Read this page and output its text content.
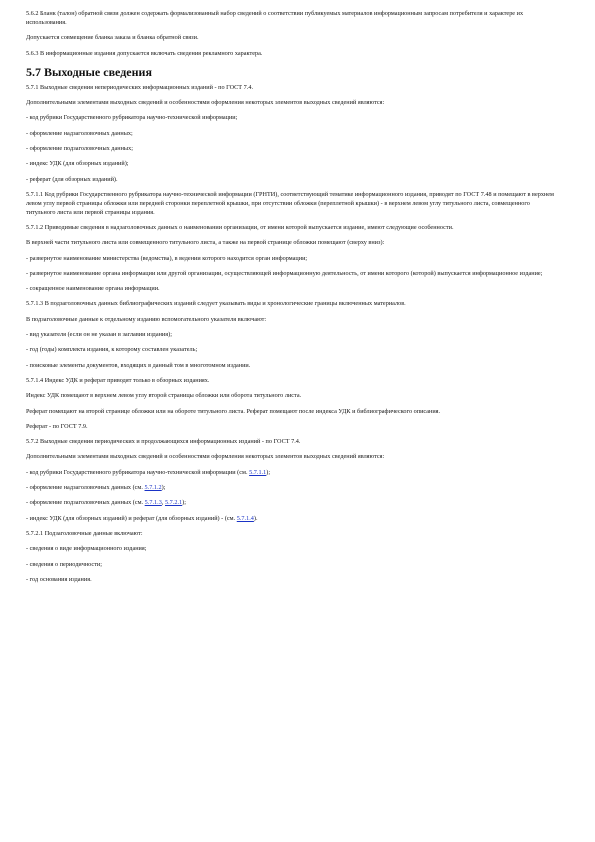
5.6.2 Бланк (талон) обратной связи должен содержать формализованный набор сведений о соответствии публикуемых материалов информационным запросам потребителя и характере их использования.

Допускается совмещение бланка заказа и бланка обратной связи.

5.6.3 В информационные издания допускается включать сведения рекламного характера.

5.7 Выходные сведения

5.7.1 Выходные сведения непериодических информационных изданий - по ГОСТ 7.4.

Дополнительными элементами выходных сведений и особенностями оформления некоторых элементов выходных сведений являются:

- код рубрики Государственного рубрикатора научно-технической информации;

- оформление надзаголовочных данных;

- оформление подзаголовочных данных;

- индекс УДК (для обзорных изданий);

- реферат (для обзорных изданий).

5.7.1.1 Код рубрики Государственного рубрикатора научно-технической информации (ГРНТИ), соответствующий тематике информационного издания, приводят по ГОСТ 7.48 и помещают в верхнем левом углу первой страницы обложки или передней сторонки переплетной крышки, при отсутствии обложки (переплетной крышки) - в верхнем левом углу титульного листа, совмещенного титульного листа или первой страницы издания.

5.7.1.2 Приводимые сведения в надзаголовочных данных о наименовании организации, от имени которой выпускается издание, имеют следующие особенности.

В верхней части титульного листа или совмещенного титульного листа, а также на первой странице обложки помещают (сверху вниз):

- развернутое наименование министерства (ведомства), в ведении которого находится орган информации;

- развернутое наименование органа информации или другой организации, осуществляющей информационную деятельность, от имени которого (которой) выпускается информационное издание;

- сокращенное наименование органа информации.

5.7.1.3 В подзаголовочных данных библиографических изданий следует указывать виды и хронологические границы включенных материалов.

В подзаголовочные данные к отдельному изданию вспомогательного указателя включают:

- вид указателя (если он не указан в заглавии издания);

- год (годы) комплекта издания, к которому составлен указатель;

- поисковые элементы документов, входящих в данный том в многотомном издании.

5.7.1.4 Индекс УДК и реферат приводят только в обзорных изданиях.

Индекс УДК помещают в верхнем левом углу второй страницы обложки или оборота титульного листа.

Реферат помещают на второй странице обложки или на обороте титульного листа. Реферат помещают после индекса УДК и библиографического описания.

Реферат - по ГОСТ 7.9.

5.7.2 Выходные сведения периодических и продолжающихся информационных изданий - по ГОСТ 7.4.

Дополнительными элементами выходных сведений и особенностями оформления некоторых элементов выходных сведений являются:

- код рубрики Государственного рубрикатора научно-технической информации (см. 5.7.1.1);

- оформление надзаголовочных данных (см. 5.7.1.2);

- оформление подзаголовочных данных (см. 5.7.1.3, 5.7.2.1);

- индекс УДК (для обзорных изданий) и реферат (для обзорных изданий) - (см. 5.7.1.4).

5.7.2.1 Подзаголовочные данные включают:

- сведения о виде информационного издания;

- сведения о периодичности;

- год основания издания.
